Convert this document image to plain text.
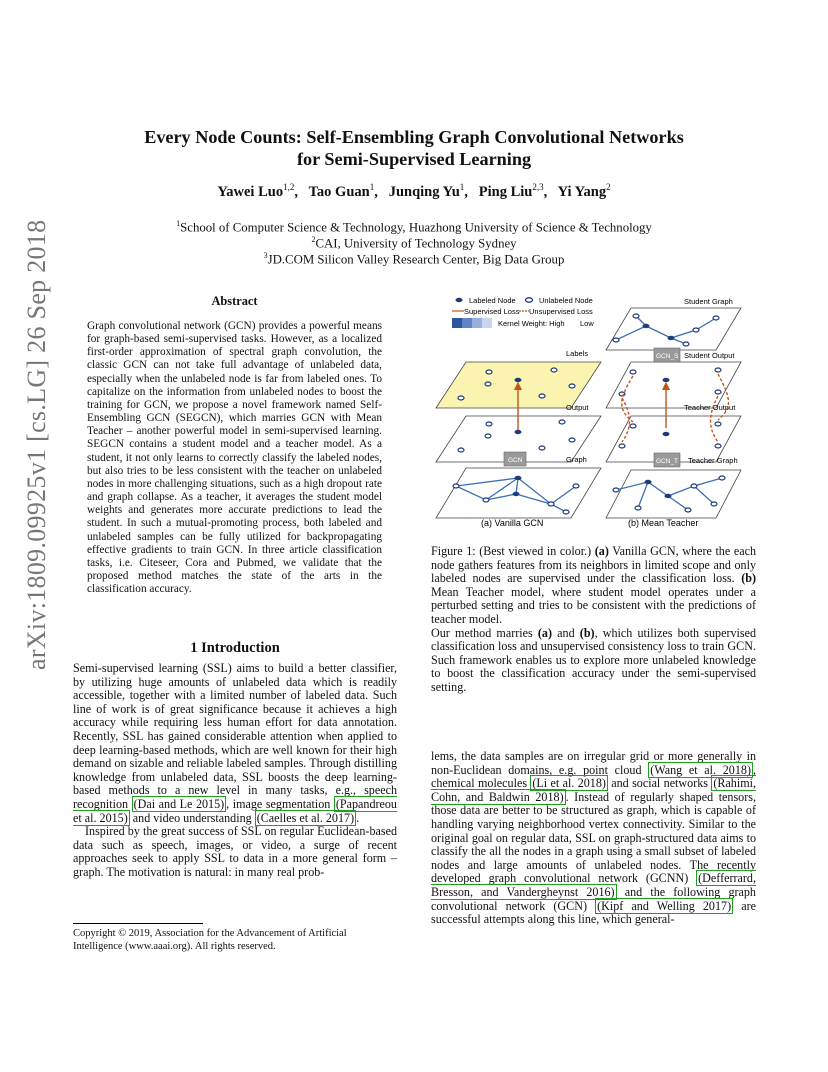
Every Node Counts: Self-Ensembling Graph Convolutional Networks
for Semi-Supervised Learning
Yawei Luo$^{1,2}$,   Tao Guan$^1$,   Junqing Yu$^1$,   Ping Liu$^{2,3}$,   Yi Yang$^2$
$^1$School of Computer Science & Technology, Huazhong University of Science & Technology
$^2$CAI, University of Technology Sydney
$^3$JD.COM Silicon Valley Research Center, Big Data Group
arXiv:1809.09925v1 [cs.LG] 26 Sep 2018	Abstract
Graph convolutional network (GCN) provides a powerful means for graph-based semi-supervised tasks. However, as a localized first-order approximation of spectral graph convolution, the classic GCN can not take full advantage of unlabeled data, especially when the unlabeled node is far from labeled ones. To capitalize on the information from unlabeled nodes to boost the training for GCN, we propose a novel framework named Self-Ensembling GCN (SEGCN), which marries GCN with Mean Teacher – another powerful model in semi-supervised learning. SEGCN contains a student model and a teacher model. As a student, it not only learns to correctly classify the labeled nodes, but also tries to be less consistent with the teacher on unlabeled nodes in more challenging situations, such as a high dropout rate and graph collapse. As a teacher, it averages the student model weights and generates more accurate predictions to lead the student. In such a mutual-promoting process, both labeled and unlabeled samples can be fully utilized for backpropagating effective gradients to train GCN. In three article classification tasks, i.e. Citeseer, Cora and Pubmed, we validate that the proposed method matches the state of the arts in the classification accuracy.
1 Introduction

Semi-supervised learning (SSL) aims to build a better classifier, by utilizing huge amounts of unlabeled data which is readily accessible, together with a limited number of labeled data. Such line of work is of great significance because it achieves a high accuracy while requiring less human effort for data annotation. Recently, SSL has gained considerable attention when applied to deep learning-based methods, which are well known for their high demand on sizable and reliable labeled samples. Through distilling knowledge from unlabeled data, SSL boosts the deep learning-based methods to a new level in many tasks, e.g., speech recognition (Dai and Le 2015) , image segmentation (Papandreou et al. 2015) and video understanding (Caelles et al. 2017) .

Inspired by the great success of SSL on regular Euclidean-based data such as speech, images, or video, a surge of recent approaches seek to apply SSL to data in a more general form – graph. The motivation is natural: in many real prob-

Copyright © 2019, Association for the Advancement of Artificial Intelligence (www.aaai.org). All rights reserved.
Labeled Node	Unlabeled Node
Supervised Loss Unsupervised Loss
Kernel Weight: High Low
Labels
Output
Graph
GCN
(a) Vanilla GCN
Student Graph
GCN_S Student Output
Teacher Output
GCN_T Teacher Graph
(b) Mean Teacher

Figure 1: (Best viewed in color.) (a) Vanilla GCN, where the each node gathers features from its neighbors in limited scope and only labeled nodes are supervised under the classification loss. (b) Mean Teacher model, where student model operates under a perturbed setting and tries to be consistent with the predictions of teacher model.

Our method marries (a) and (b), which utilizes both supervised classification loss and unsupervised consistency loss to train GCN. Such framework enables us to explore more unlabeled knowledge to boost the classification accuracy under the semi-supervised setting.

lems, the data samples are on irregular grid or more generally in non-Euclidean domains, e.g. point cloud (Wang et al. 2018) , chemical molecules (Li et al. 2018) and social networks (Rahimi, Cohn, and Baldwin 2018) . Instead of regularly shaped tensors, those data are better to be structured as graph, which is capable of handling varying neighborhood vertex connectivity. Similar to the original goal on regular data, SSL on graph-structured data aims to classify the all the nodes in a graph using a small subset of labeled nodes and large amounts of unlabeled nodes. The recently developed graph convolutional network (GCNN) (Defferrard, Bresson, and Vandergheynst 2016) and the following graph convolutional network (GCN) (Kipf and Welling 2017) are successful attempts along this line, which general-
